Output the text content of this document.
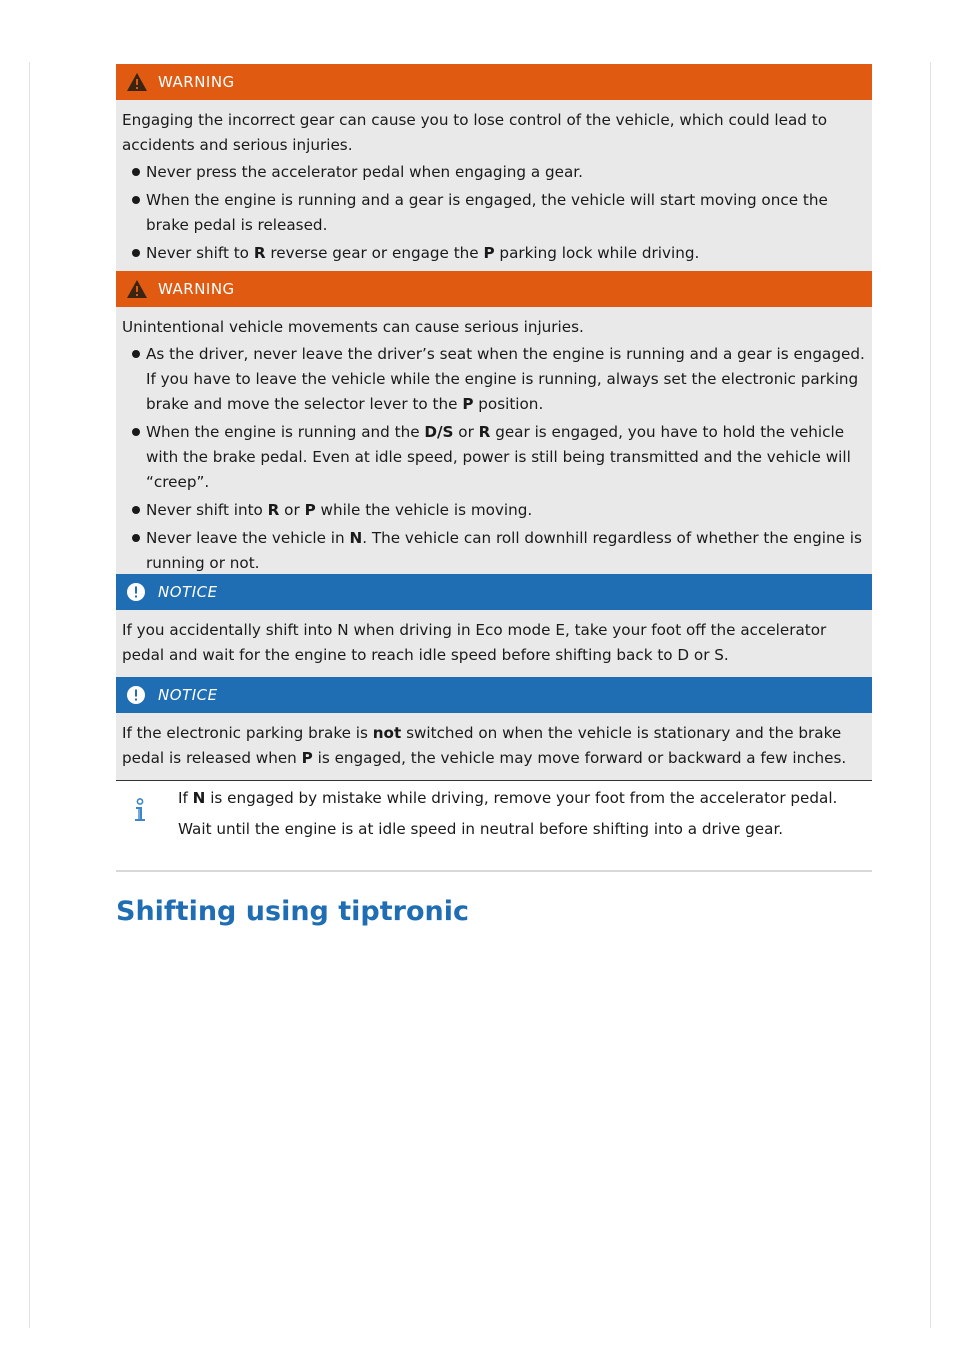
WARNING

Engaging the incorrect gear can cause you to lose control of the vehicle, which could lead to accidents and serious injuries.

Never press the accelerator pedal when engaging a gear.
When the engine is running and a gear is engaged, the vehicle will start moving once the brake pedal is released.
Never shift to R reverse gear or engage the P parking lock while driving.
WARNING

Unintentional vehicle movements can cause serious injuries.

As the driver, never leave the driver’s seat when the engine is running and a gear is engaged. If you have to leave the vehicle while the engine is running, always set the electronic parking brake and move the selector lever to the P position.
When the engine is running and the D/S or R gear is engaged, you have to hold the vehicle with the brake pedal. Even at idle speed, power is still being transmitted and the vehicle will “creep”.
Never shift into R or P while the vehicle is moving.
Never leave the vehicle in N. The vehicle can roll downhill regardless of whether the engine is running or not.
NOTICE

If you accidentally shift into N when driving in Eco mode E, take your foot off the accelerator pedal and wait for the engine to reach idle speed before shifting back to D or S.

NOTICE

If the electronic parking brake is not switched on when the vehicle is stationary and the brake pedal is released when P is engaged, the vehicle may move forward or backward a few inches.

If N is engaged by mistake while driving, remove your foot from the accelerator pedal.

Wait until the engine is at idle speed in neutral before shifting into a drive gear.

Shifting using tiptronic
